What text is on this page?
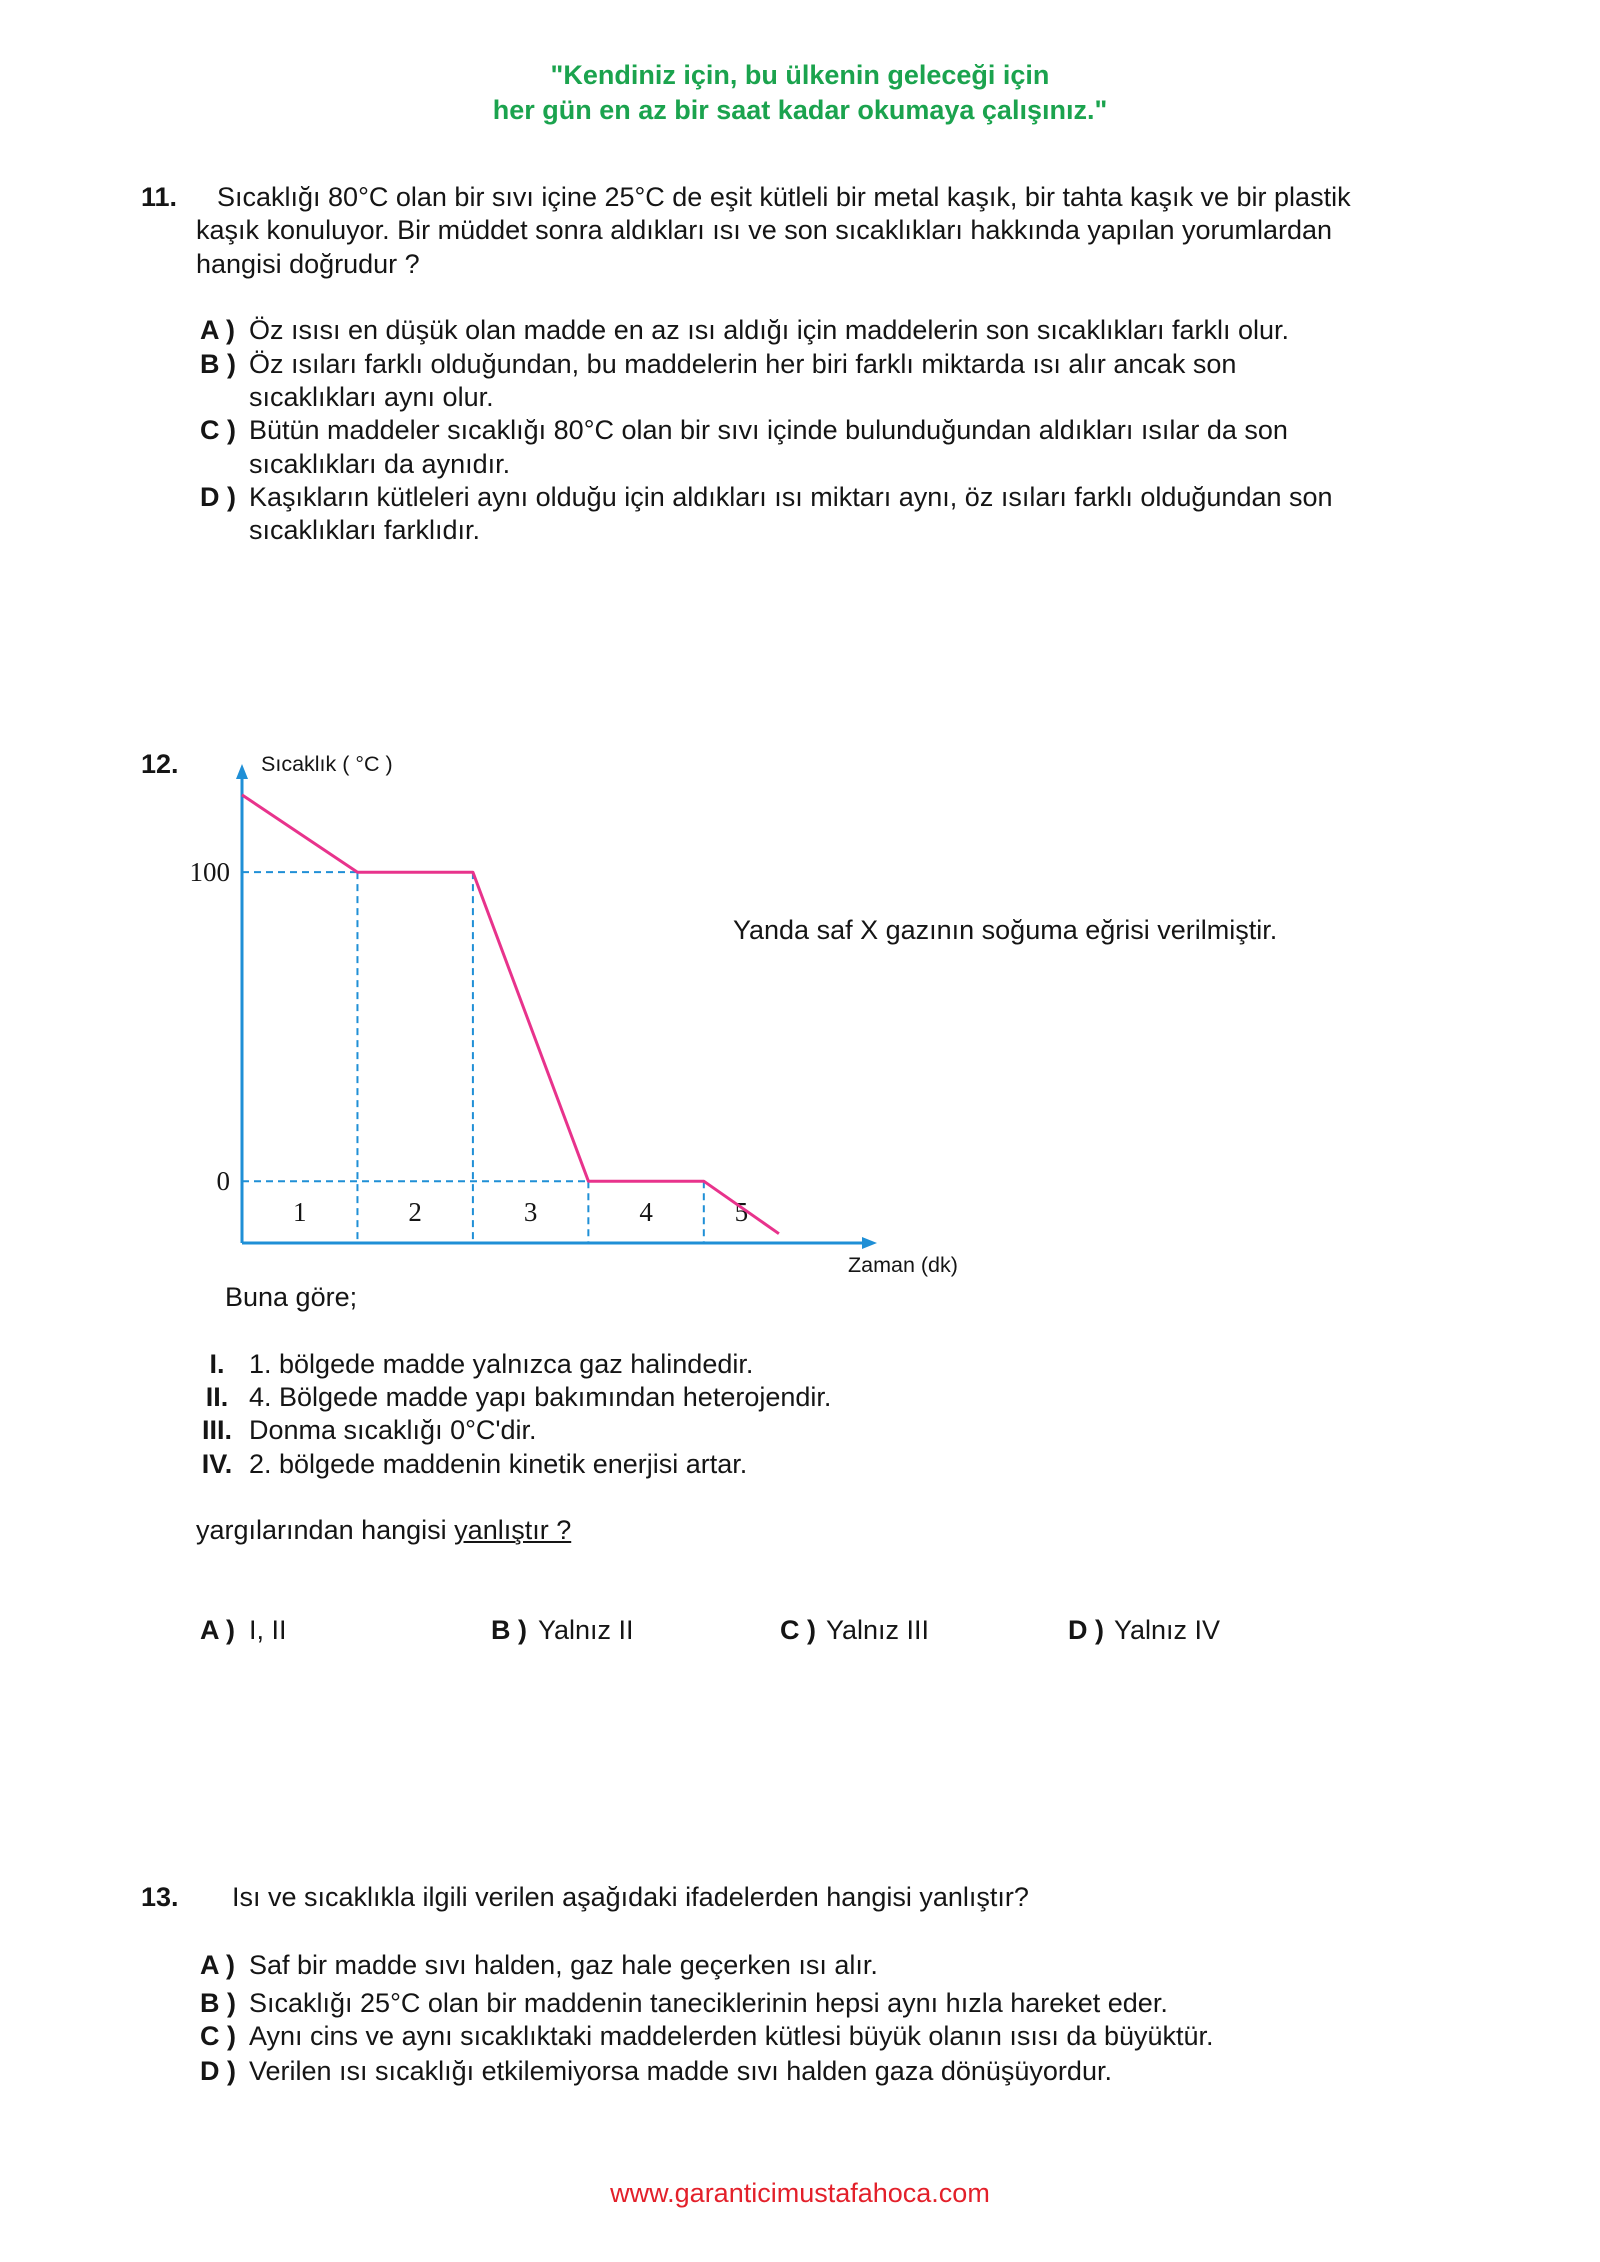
"Kendiniz için, bu ülkenin geleceği için
her gün en az bir saat kadar okumaya çalışınız."
11. Sıcaklığı 80°C olan bir sıvı içine 25°C de eşit kütleli bir metal kaşık, bir tahta kaşık ve bir plastik
kaşık konuluyor. Bir müddet sonra aldıkları ısı ve son sıcaklıkları hakkında yapılan yorumlardan
hangisi doğrudur ?
A ) Öz ısısı en düşük olan madde en az ısı aldığı için maddelerin son sıcaklıkları farklı olur.
B ) Öz ısıları farklı olduğundan, bu maddelerin her biri farklı miktarda ısı alır ancak son
sıcaklıkları aynı olur.
C ) Bütün maddeler sıcaklığı 80°C olan bir sıvı içinde bulunduğundan aldıkları ısılar da son
sıcaklıkları da aynıdır.
D ) Kaşıkların kütleleri aynı olduğu için aldıkları ısı miktarı aynı, öz ısıları farklı olduğundan son
sıcaklıkları farklıdır.
12.	Sıcaklık ( °C )
Zaman (dk)
100
0
1	2	3	4	5
Yanda saf X gazının soğuma eğrisi verilmiştir.
Buna göre;
I. 1. bölgede madde yalnızca gaz halindedir.
II. 4. Bölgede madde yapı bakımından heterojendir.
III. Donma sıcaklığı 0°C'dir.
IV. 2. bölgede maddenin kinetik enerjisi artar.
yargılarından hangisi yanlıştır ?
A ) I, II	B ) Yalnız II	C ) Yalnız III	D ) Yalnız IV
13. Isı ve sıcaklıkla ilgili verilen aşağıdaki ifadelerden hangisi yanlıştır?
A ) Saf bir madde sıvı halden, gaz hale geçerken ısı alır.
B ) Sıcaklığı 25°C olan bir maddenin taneciklerinin hepsi aynı hızla hareket eder.
C ) Aynı cins ve aynı sıcaklıktaki maddelerden kütlesi büyük olanın ısısı da büyüktür.
D ) Verilen ısı sıcaklığı etkilemiyorsa madde sıvı halden gaza dönüşüyordur.
www.garanticimustafahoca.com
